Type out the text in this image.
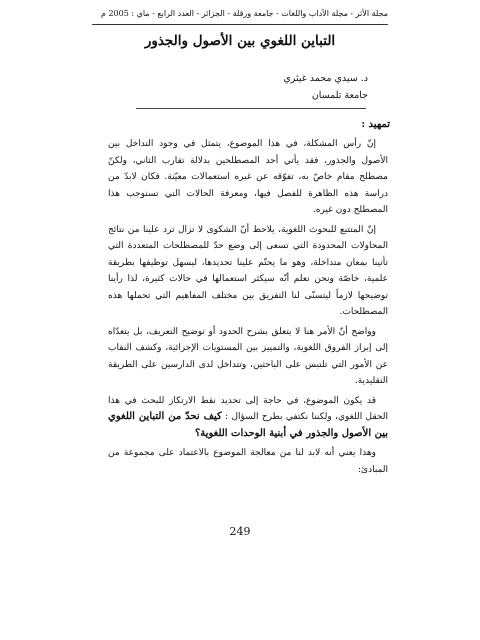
مجلة الأثر - مجلة الآداب واللغات - جامعة ورقلة - الجزائر - العدد الرابع - ماي : 2005 م
التباين اللغوي بين الأصول والجذور
د. سيدي محمد غيثري
جامعة تلمسان
تمهيد :

إنّ رأس المشكلة، في هذا الموضوع، يتمثل في وجود التداخل بين الأصول والجذور، فقد يأتي أحد المصطلحين بدلالة تقارب الثاني، ولكنّ مصطلح مقام خاصّ به، تفوّقه عن غيره استعمالات معيّنة. فكان لابدّ من دراسة هذه الظاهرة للفصل فيها، ومعرفة الحالات التي تستوجب هذا المصطلح دون غيره.

إنّ المتتبع للبحوث اللغوية، يلاحظ أنّ الشكوى لا تزال ترد علينا من نتائج المحاولات المحدودة التي تسعى إلى وضع حدّ للمصطلحات المتعددة التي تأتينا بمعان متداخلة، وهو ما يحتّم علينا تحديدها، ليسهل توظيفها بطريقة علمية، خاصّة ونحن نعلم أنّه سيكثر استعمالها في حالات كثيرة، لذا رأينا توضيحها لازماً ليتسنّى لنا التفريق بين مختلف المفاهيم التي تحملها هذه المصطلحات.

وواضح أنّ الأمر هنا لا يتعلق بشرح الحدود أو توضيح التعريف، بل يتعدّاه إلى إبراز الفروق اللغوية، والتمييز بين المستويات الإجرائية، وكشف النقاب عن الأمور التي تلتبس على الباحثين، وتتداخل لدى الدارسين على الطريقة التقليدية.

قد يكون الموضوع، في حاجة إلى تحديد نقط الارتكاز للبحث في هذا الحقل اللغوي، ولكننا نكتفي بطرح السؤال : كيف نحدّ من التباين اللغوي بين الأصول والجذور في أبنية الوحدات اللغوية؟

وهذا يعني أنه لابد لنا من معالجة الموضوع بالاعتماد على مجموعة من المبادئ:

249
